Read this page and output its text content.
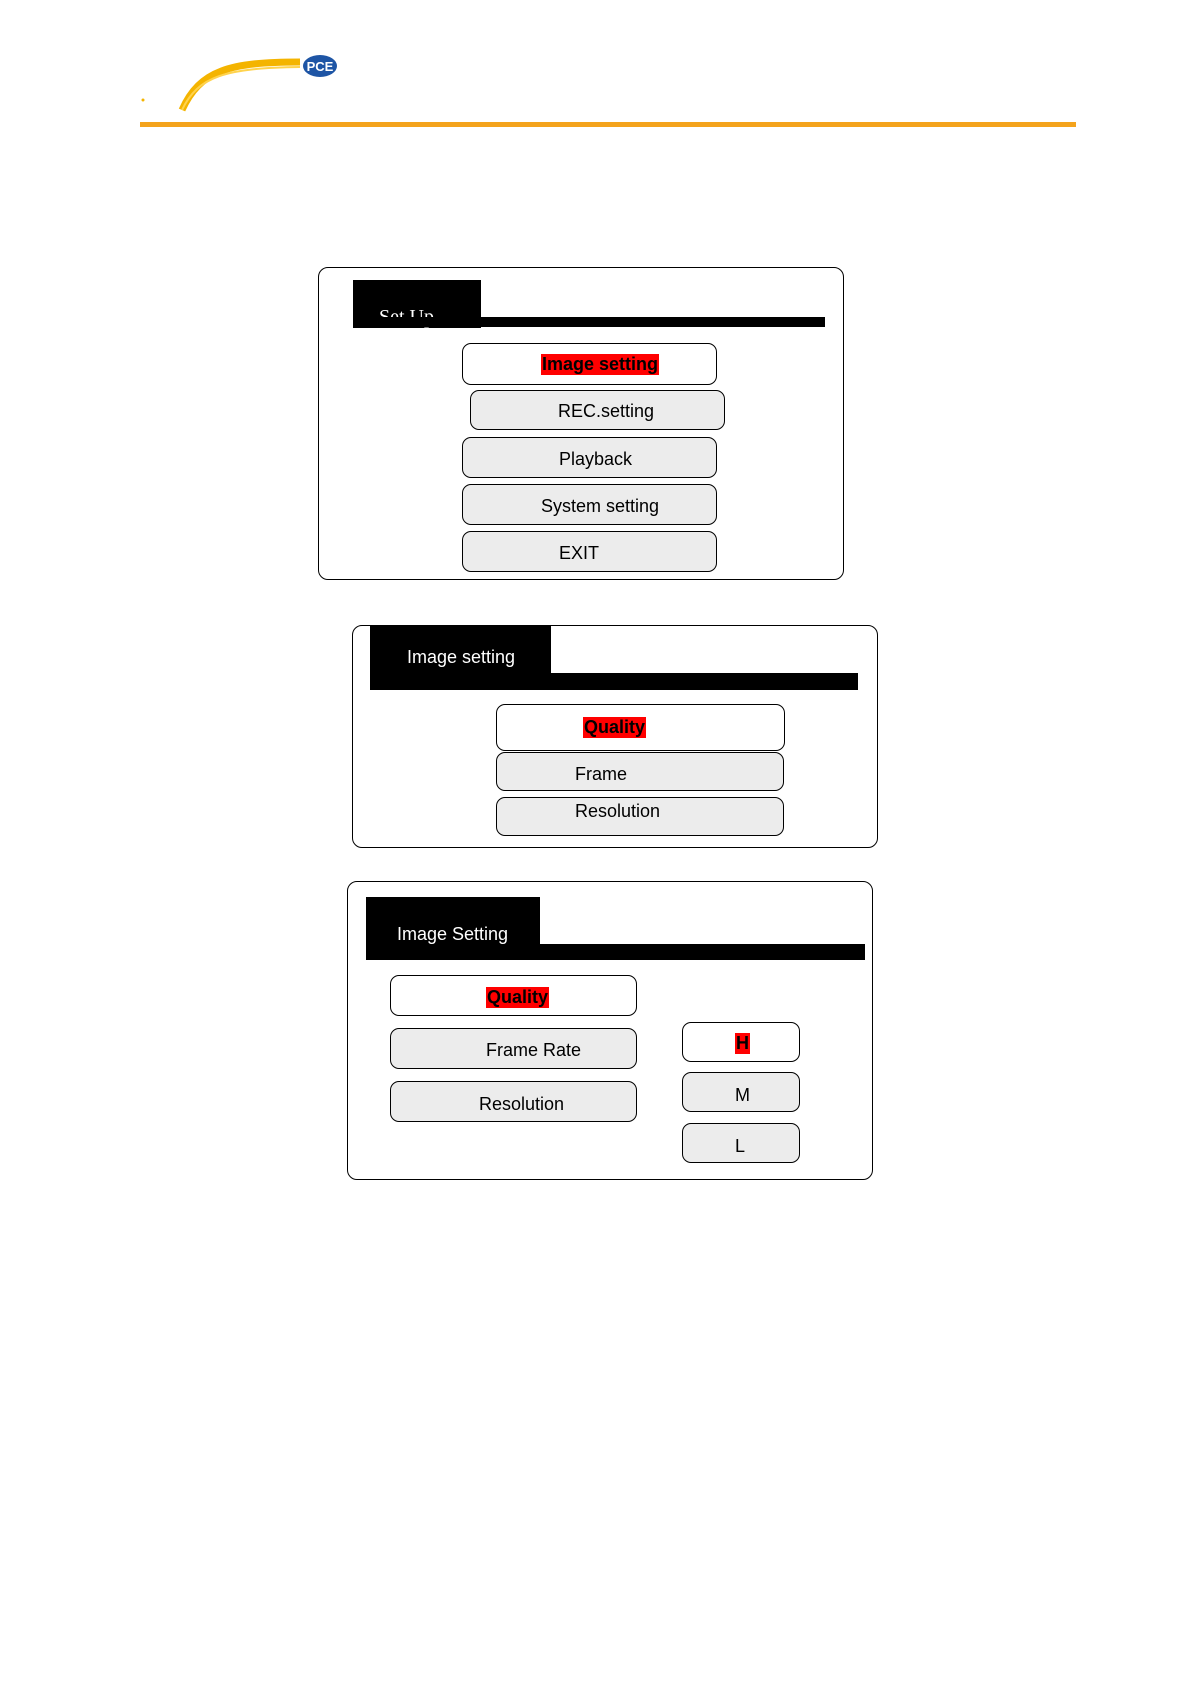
PCE
Image setting
REC.setting
Playback
System setting
EXIT
Image setting
Quality
Frame
Resolution
Image Setting
Quality
Frame Rate
Resolution
H
M
L
